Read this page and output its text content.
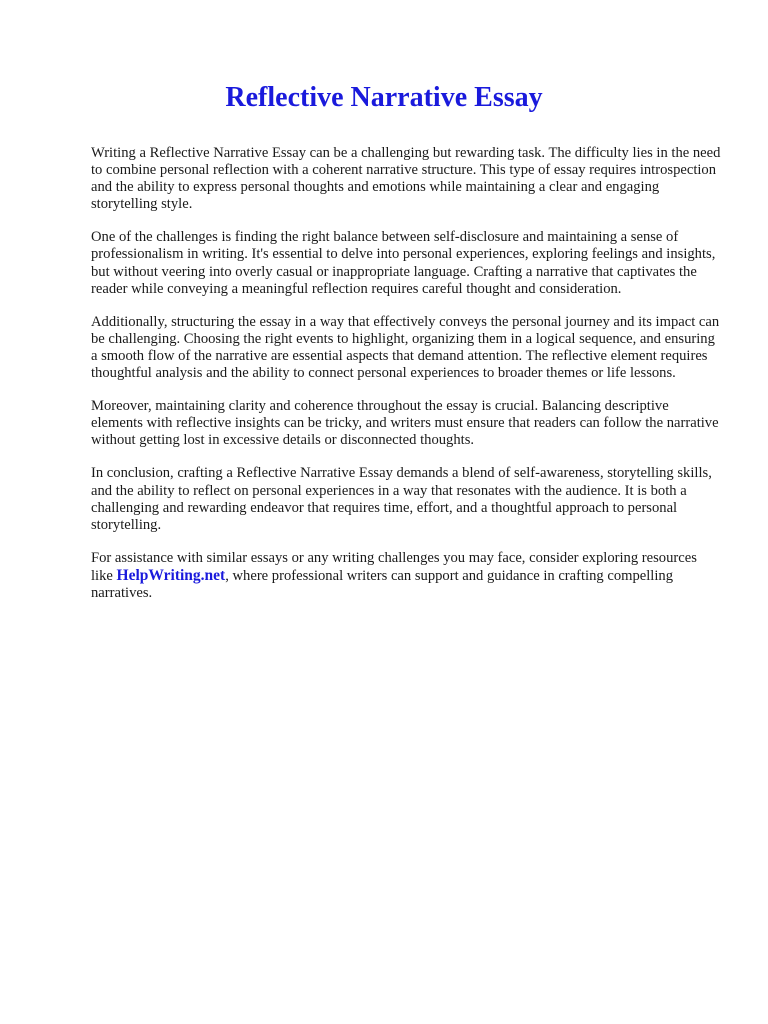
Reflective Narrative Essay

Writing a Reflective Narrative Essay can be a challenging but rewarding task. The difficulty lies in the need to combine personal reflection with a coherent narrative structure. This type of essay requires introspection and the ability to express personal thoughts and emotions while maintaining a clear and engaging storytelling style.

One of the challenges is finding the right balance between self-disclosure and maintaining a sense of professionalism in writing. It's essential to delve into personal experiences, exploring feelings and insights, but without veering into overly casual or inappropriate language. Crafting a narrative that captivates the reader while conveying a meaningful reflection requires careful thought and consideration.

Additionally, structuring the essay in a way that effectively conveys the personal journey and its impact can be challenging. Choosing the right events to highlight, organizing them in a logical sequence, and ensuring a smooth flow of the narrative are essential aspects that demand attention. The reflective element requires thoughtful analysis and the ability to connect personal experiences to broader themes or life lessons.

Moreover, maintaining clarity and coherence throughout the essay is crucial. Balancing descriptive elements with reflective insights can be tricky, and writers must ensure that readers can follow the narrative without getting lost in excessive details or disconnected thoughts.

In conclusion, crafting a Reflective Narrative Essay demands a blend of self-awareness, storytelling skills, and the ability to reflect on personal experiences in a way that resonates with the audience. It is both a challenging and rewarding endeavor that requires time, effort, and a thoughtful approach to personal storytelling.

For assistance with similar essays or any writing challenges you may face, consider exploring resources like HelpWriting.net, where professional writers can support and guidance in crafting compelling narratives.
